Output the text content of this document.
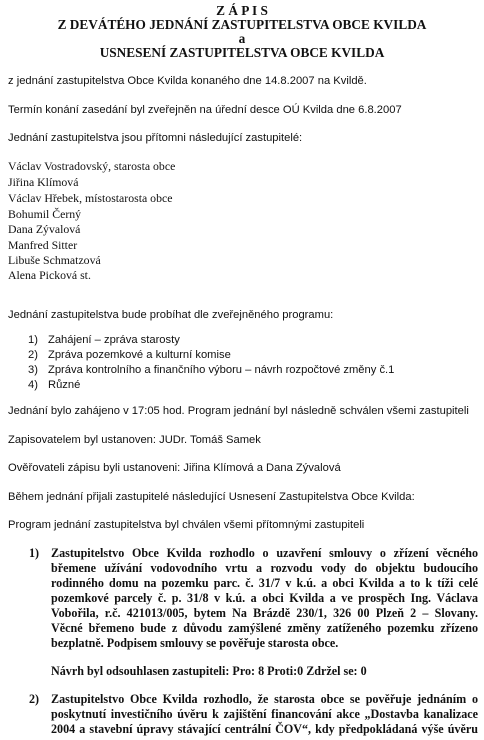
Z Á P I S
Z DEVÁTÉHO JEDNÁNÍ ZASTUPITELSTVA OBCE KVILDA
a
USNESENÍ ZASTUPITELSTVA OBCE KVILDA
z jednání zastupitelstva Obce Kvilda konaného dne 14.8.2007 na Kvildě.
Termín konání zasedání byl zveřejněn na úřední desce OÚ Kvilda dne 6.8.2007
Jednání zastupitelstva jsou přítomni následující zastupitelé:
Václav Vostradovský, starosta obce
Jiřina Klímová
Václav Hřebek, místostarosta obce
Bohumil Černý
Dana Zývalová
Manfred Sitter
Libuše Schmatzová
Alena Picková st.
Jednání zastupitelstva bude probíhat dle zveřejněného programu:
1) Zahájení – zpráva starosty
2) Zpráva pozemkové a kulturní komise
3) Zpráva kontrolního a finančního výboru – návrh rozpočtové změny č.1
4) Různé
Jednání bylo zahájeno v 17:05 hod. Program jednání byl následně schválen všemi zastupiteli
Zapisovatelem byl ustanoven: JUDr. Tomáš Samek
Ověřovateli zápisu byli ustanoveni: Jiřina Klímová a Dana Zývalová
Během jednání přijali zastupitelé následující Usnesení Zastupitelstva Obce Kvilda:
Program jednání zastupitelstva byl chválen všemi přítomnými zastupiteli
1) Zastupitelstvo Obce Kvilda rozhodlo o uzavření smlouvy o zřízení věcného
břemene užívání vodovodního vrtu a rozvodu vody do objektu budoucího
rodinného domu na pozemku parc. č. 31/7 v k.ú. a obci Kvilda a to k tíži celé
pozemkové parcely č. p. 31/8 v k.ú. a obci Kvilda a ve prospěch Ing. Václava
Vobořila, r.č. 421013/005, bytem Na Brázdě 230/1, 326 00 Plzeň 2 – Slovany.
Věcné břemeno bude z důvodu zamýšlené změny zatíženého pozemku zřízeno
bezplatně. Podpisem smlouvy se pověřuje starosta obce.
Návrh byl odsouhlasen zastupiteli: Pro: 8 Proti:0 Zdržel se: 0
2) Zastupitelstvo Obce Kvilda rozhodlo, že starosta obce se pověřuje jednáním o
poskytnutí investičního úvěru k zajištění financování akce „Dostavba kanalizace
2004 a stavební úpravy stávající centrální ČOV“, kdy předpokládaná výše úvěru
